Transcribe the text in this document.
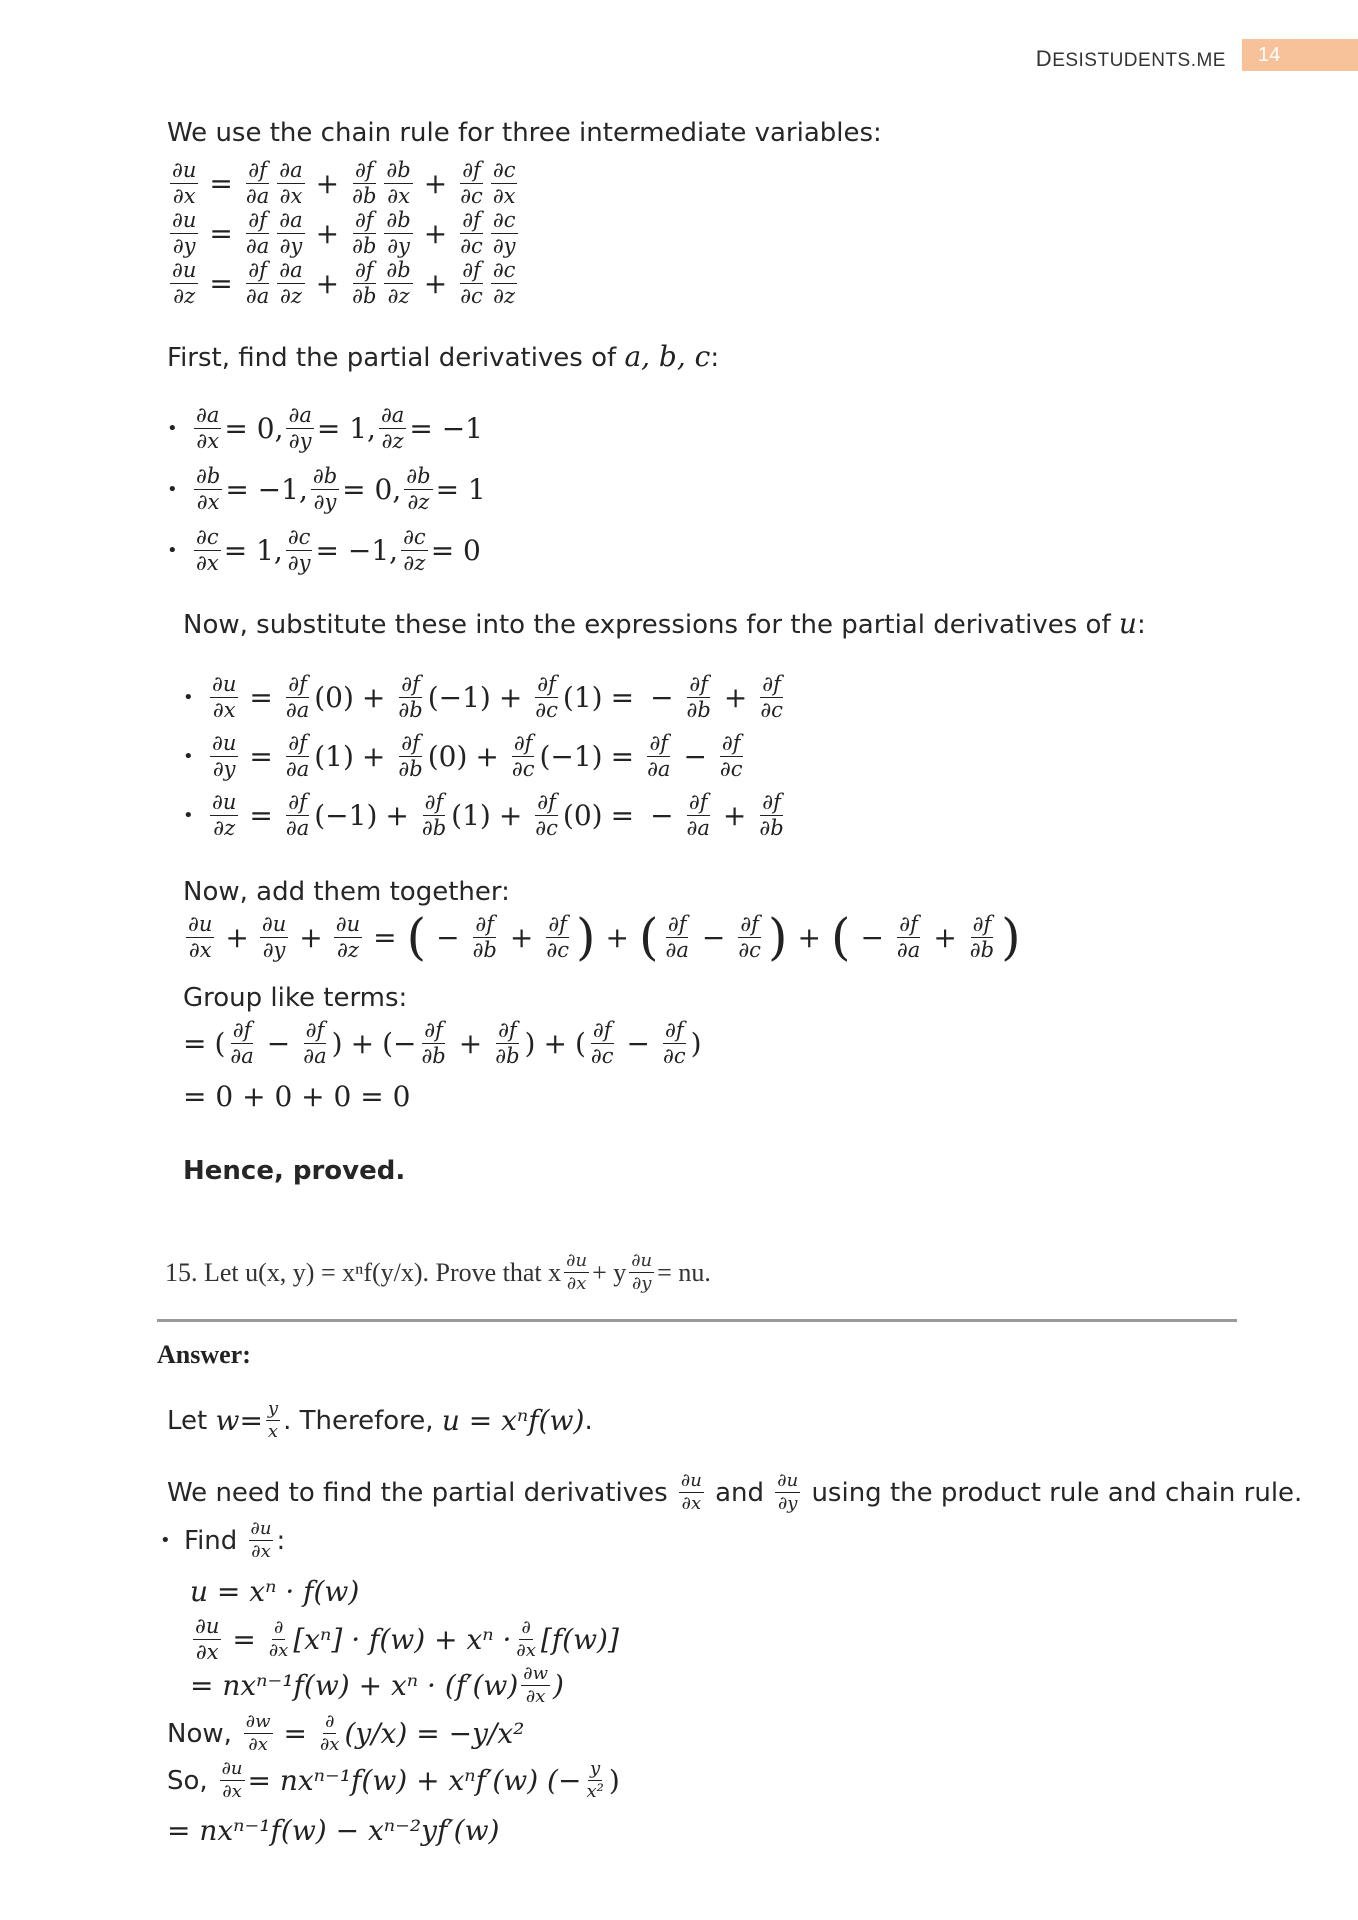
DESISTUDENTS.ME	14
We use the chain rule for three intermediate variables:
$\frac{\partial u}{\partial x} = \frac{\partial f}{\partial a} \frac{\partial a}{\partial x} + \frac{\partial f}{\partial b} \frac{\partial b}{\partial x} + \frac{\partial f}{\partial c} \frac{\partial c}{\partial x}$
$\frac{\partial u}{\partial y} = \frac{\partial f}{\partial a} \frac{\partial a}{\partial y} + \frac{\partial f}{\partial b} \frac{\partial b}{\partial y} + \frac{\partial f}{\partial c} \frac{\partial c}{\partial y}$
$\frac{\partial u}{\partial z} = \frac{\partial f}{\partial a} \frac{\partial a}{\partial z} + \frac{\partial f}{\partial b} \frac{\partial b}{\partial z} + \frac{\partial f}{\partial c} \frac{\partial c}{\partial z}$
First, find the partial derivatives of a, b, c:
• $\frac{\partial a}{\partial x} = 0$, $\frac{\partial a}{\partial y} = 1$, $\frac{\partial a}{\partial z} = -1$
• $\frac{\partial b}{\partial x} = -1$, $\frac{\partial b}{\partial y} = 0$, $\frac{\partial b}{\partial z} = 1$
• $\frac{\partial c}{\partial x} = 1$, $\frac{\partial c}{\partial y} = -1$, $\frac{\partial c}{\partial z} = 0$
Now, substitute these into the expressions for the partial derivatives of u:
• $\frac{\partial u}{\partial x} = \frac{\partial f}{\partial a} (0) + \frac{\partial f}{\partial b} (-1) + \frac{\partial f}{\partial c} (1)$ = − $\frac{\partial f}{\partial b} + \frac{\partial f}{\partial c}$
• $\frac{\partial u}{\partial y} = \frac{\partial f}{\partial a} (1) + \frac{\partial f}{\partial b} (0) + \frac{\partial f}{\partial c} (-1) = \frac{\partial f}{\partial a} - \frac{\partial f}{\partial c}$
• $\frac{\partial u}{\partial z} = \frac{\partial f}{\partial a} (-1) + \frac{\partial f}{\partial b} (1) + \frac{\partial f}{\partial c} (0)$ = − $\frac{\partial f}{\partial a} + \frac{\partial f}{\partial b}$
Now, add them together:
$\frac{\partial u}{\partial x} + \frac{\partial u}{\partial y} + \frac{\partial u}{\partial z}$ = ( − $\frac{\partial f}{\partial b} + \frac{\partial f}{\partial c}$ ) + ( $\frac{\partial f}{\partial a} - \frac{\partial f}{\partial c}$ ) + ( − $\frac{\partial f}{\partial a} + \frac{\partial f}{\partial b}$ )
Group like terms:
= ( $\frac{\partial f}{\partial a} - \frac{\partial f}{\partial a}$ ) + (− $\frac{\partial f}{\partial b} + \frac{\partial f}{\partial b}$ ) + ( $\frac{\partial f}{\partial c} - \frac{\partial f}{\partial c}$ )
= 0 + 0 + 0 = 0
Hence, proved.
15.
Let u(x, y) = xⁿf(y/x). Prove that x $\frac{\partial u}{\partial x} + y \frac{\partial u}{\partial y}$ = nu.
Answer:
Let
$w = \frac{y}{x}$ . Therefore,
u = xⁿf(w) .
We need to find the partial derivatives
$\frac{\partial u}{\partial x}$
and
$\frac{\partial u}{\partial y}$
using the product rule and chain rule.
• Find
$\frac{\partial u}{\partial x}$ :
u = xⁿ · f(w)
$\frac{\partial u}{\partial x} = \frac{\partial}{\partial x} [x^n] \cdot f(w) + x^n \cdot \frac{\partial}{\partial x} [f(w)]$
= $nx^{n-1}f(w) + x^n \cdot (f'(w) \frac{\partial w}{\partial x}$ )
Now,
$\frac{\partial w}{\partial x} = \frac{\partial}{\partial x} (y/x) = -y/x^2$
So,
$\frac{\partial u}{\partial x} = nx^{n-1}f(w) + x^nf'(w)$ (− $\frac{y}{\text{x²}}$ )
= nxⁿ⁻¹f(w) − xⁿ⁻²yf′(w)
